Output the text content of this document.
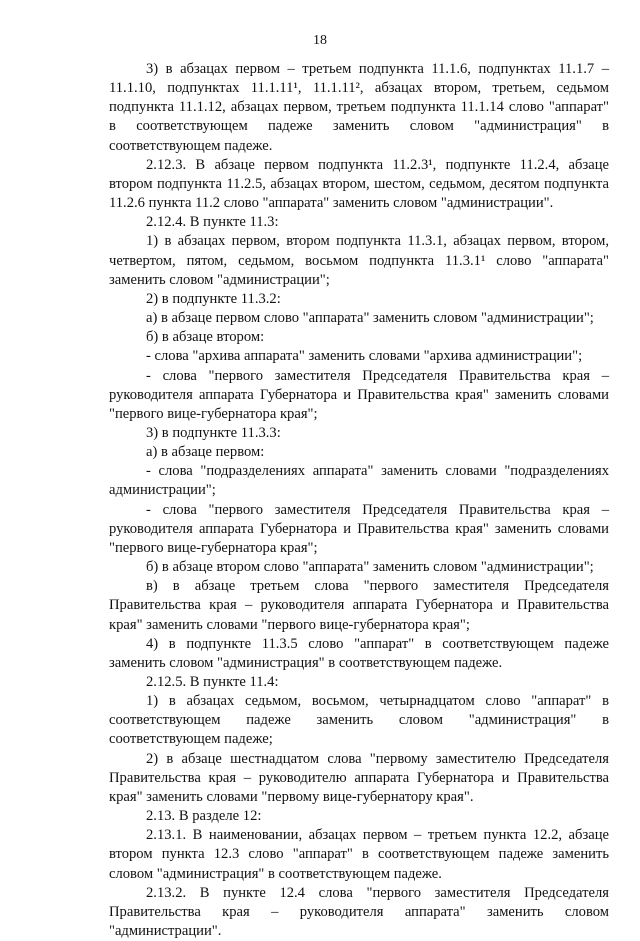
18

3) в абзацах первом – третьем подпункта 11.1.6, подпунктах 11.1.7 – 11.1.10, подпунктах 11.1.11¹, 11.1.11², абзацах втором, третьем, седьмом подпункта 11.1.12, абзацах первом, третьем подпункта 11.1.14 слово "аппарат" в соответствующем падеже заменить словом "администрация" в соответствующем падеже.

2.12.3. В абзаце первом подпункта 11.2.3¹, подпункте 11.2.4, абзаце втором подпункта 11.2.5, абзацах втором, шестом, седьмом, десятом подпункта 11.2.6 пункта 11.2 слово "аппарата" заменить словом "администрации".

2.12.4. В пункте 11.3:

1) в абзацах первом, втором подпункта 11.3.1, абзацах первом, втором, четвертом, пятом, седьмом, восьмом подпункта 11.3.1¹ слово "аппарата" заменить словом "администрации";

2) в подпункте 11.3.2:

а) в абзаце первом слово "аппарата" заменить словом "администрации";

б) в абзаце втором:

- слова "архива аппарата" заменить словами "архива администрации";

- слова "первого заместителя Председателя Правительства края – руководителя аппарата Губернатора и Правительства края" заменить словами "первого вице-губернатора края";

3) в подпункте 11.3.3:

а) в абзаце первом:

- слова "подразделениях аппарата" заменить словами "подразделениях администрации";

- слова "первого заместителя Председателя Правительства края – руководителя аппарата Губернатора и Правительства края" заменить словами "первого вице-губернатора края";

б) в абзаце втором слово "аппарата" заменить словом "администрации";

в) в абзаце третьем слова "первого заместителя Председателя Правительства края – руководителя аппарата Губернатора и Правительства края" заменить словами "первого вице-губернатора края";

4) в подпункте 11.3.5 слово "аппарат" в соответствующем падеже заменить словом "администрация" в соответствующем падеже.

2.12.5. В пункте 11.4:

1) в абзацах седьмом, восьмом, четырнадцатом слово "аппарат" в соответствующем падеже заменить словом "администрация" в соответствующем падеже;

2) в абзаце шестнадцатом слова "первому заместителю Председателя Правительства края – руководителю аппарата Губернатора и Правительства края" заменить словами "первому вице-губернатору края".

2.13. В разделе 12:

2.13.1. В наименовании, абзацах первом – третьем пункта 12.2, абзаце втором пункта 12.3 слово "аппарат" в соответствующем падеже заменить словом "администрация" в соответствующем падеже.

2.13.2. В пункте 12.4 слова "первого заместителя Председателя Правительства края – руководителя аппарата" заменить словом "администрации".
